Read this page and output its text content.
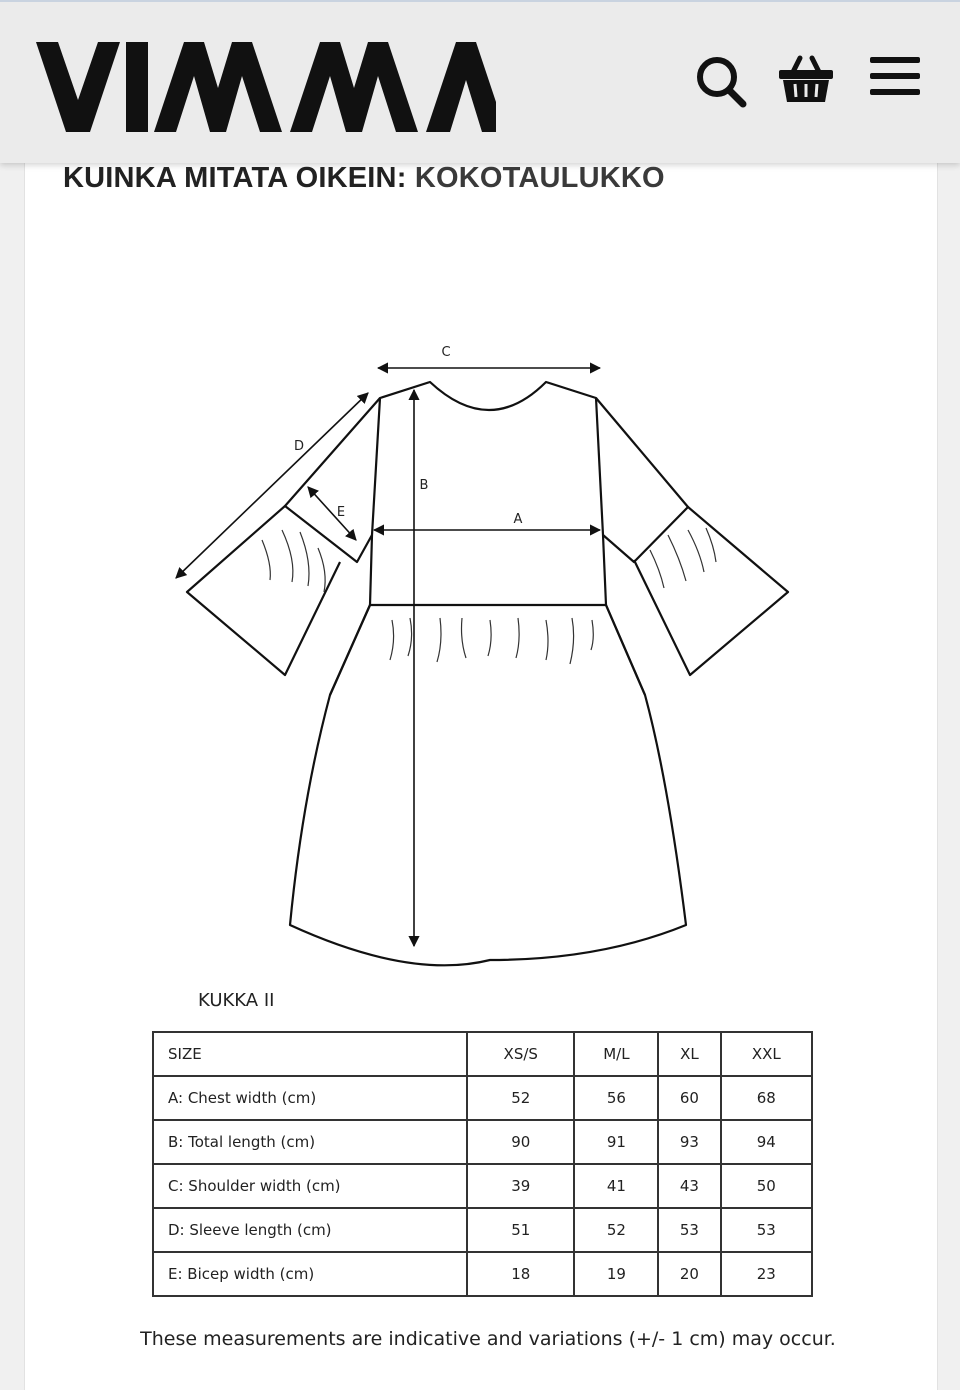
KUINKA MITATA OIKEIN: KOKOTAULUKKO
C
A
B
D
E
KUKKA II
SIZE	XS/S	M/L	XL	XXL
A: Chest width (cm)	52	56	60	68
B: Total length (cm)	90	91	93	94
C: Shoulder width (cm)	39	41	43	50
D: Sleeve length (cm)	51	52	53	53
E: Bicep width (cm)	18	19	20	23
These measurements are indicative and variations (+/- 1 cm) may occur.
